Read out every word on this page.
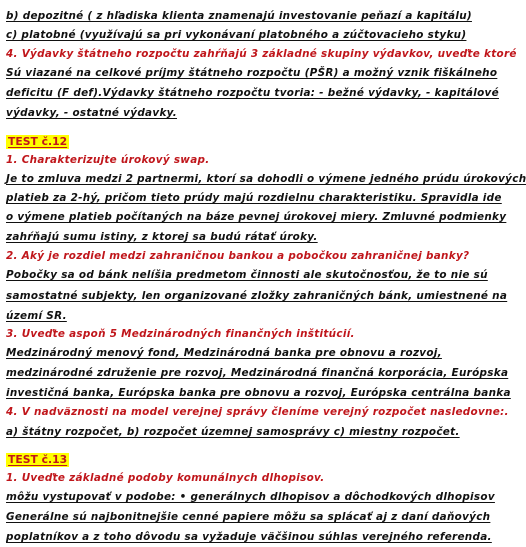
b) depozitné ( z hľadiska klienta znamenajú investovanie peňazí a kapitálu)
c) platobné (využívajú sa pri vykonávaní platobného a zúčtovacieho styku)
4. Výdavky štátneho rozpočtu zahŕňajú 3 základné skupiny výdavkov, uveďte ktoré
Sú viazané na celkové príjmy štátneho rozpočtu (PŠR) a možný vznik fiškálneho
deficitu (F def).Výdavky štátneho rozpočtu tvoria: - bežné výdavky, - kapitálové
výdavky, - ostatné výdavky.
TEST č.12
1. Charakterizujte úrokový swap.
Je to zmluva medzi 2 partnermi, ktorí sa dohodli o výmene jedného prúdu úrokových
platieb za 2-hý, pričom tieto prúdy majú rozdielnu charakteristiku. Spravidla ide
o výmene platieb počítaných na báze pevnej úrokovej miery. Zmluvné podmienky
zahŕňajú sumu istiny, z ktorej sa budú rátať úroky.
2. Aký je rozdiel medzi zahraničnou bankou a pobočkou zahraničnej banky?
Pobočky sa od bánk nelíšia predmetom činnosti ale skutočnosťou, že to nie sú
samostatné subjekty, len organizované zložky zahraničných bánk, umiestnené na
území SR.
3. Uveďte aspoň 5 Medzinárodných finančných inštitúcií.
Medzinárodný menový fond, Medzinárodná banka pre obnovu a rozvoj,
medzinárodné združenie pre rozvoj, Medzinárodná finančná korporácia, Európska
investičná banka, Európska banka pre obnovu a rozvoj, Európska centrálna banka
4. V nadväznosti na model verejnej správy členíme verejný rozpočet nasledovne:.
a) štátny rozpočet, b) rozpočet územnej samosprávy c) miestny rozpočet.
TEST č.13
1. Uveďte základné podoby komunálnych dlhopisov.
môžu vystupovať v podobe: • generálnych dlhopisov a dôchodkových dlhopisov
Generálne sú najbonitnejšie cenné papiere môžu sa splácať aj z daní daňových
poplatníkov a z toho dôvodu sa vyžaduje väčšinou súhlas verejného referenda.
